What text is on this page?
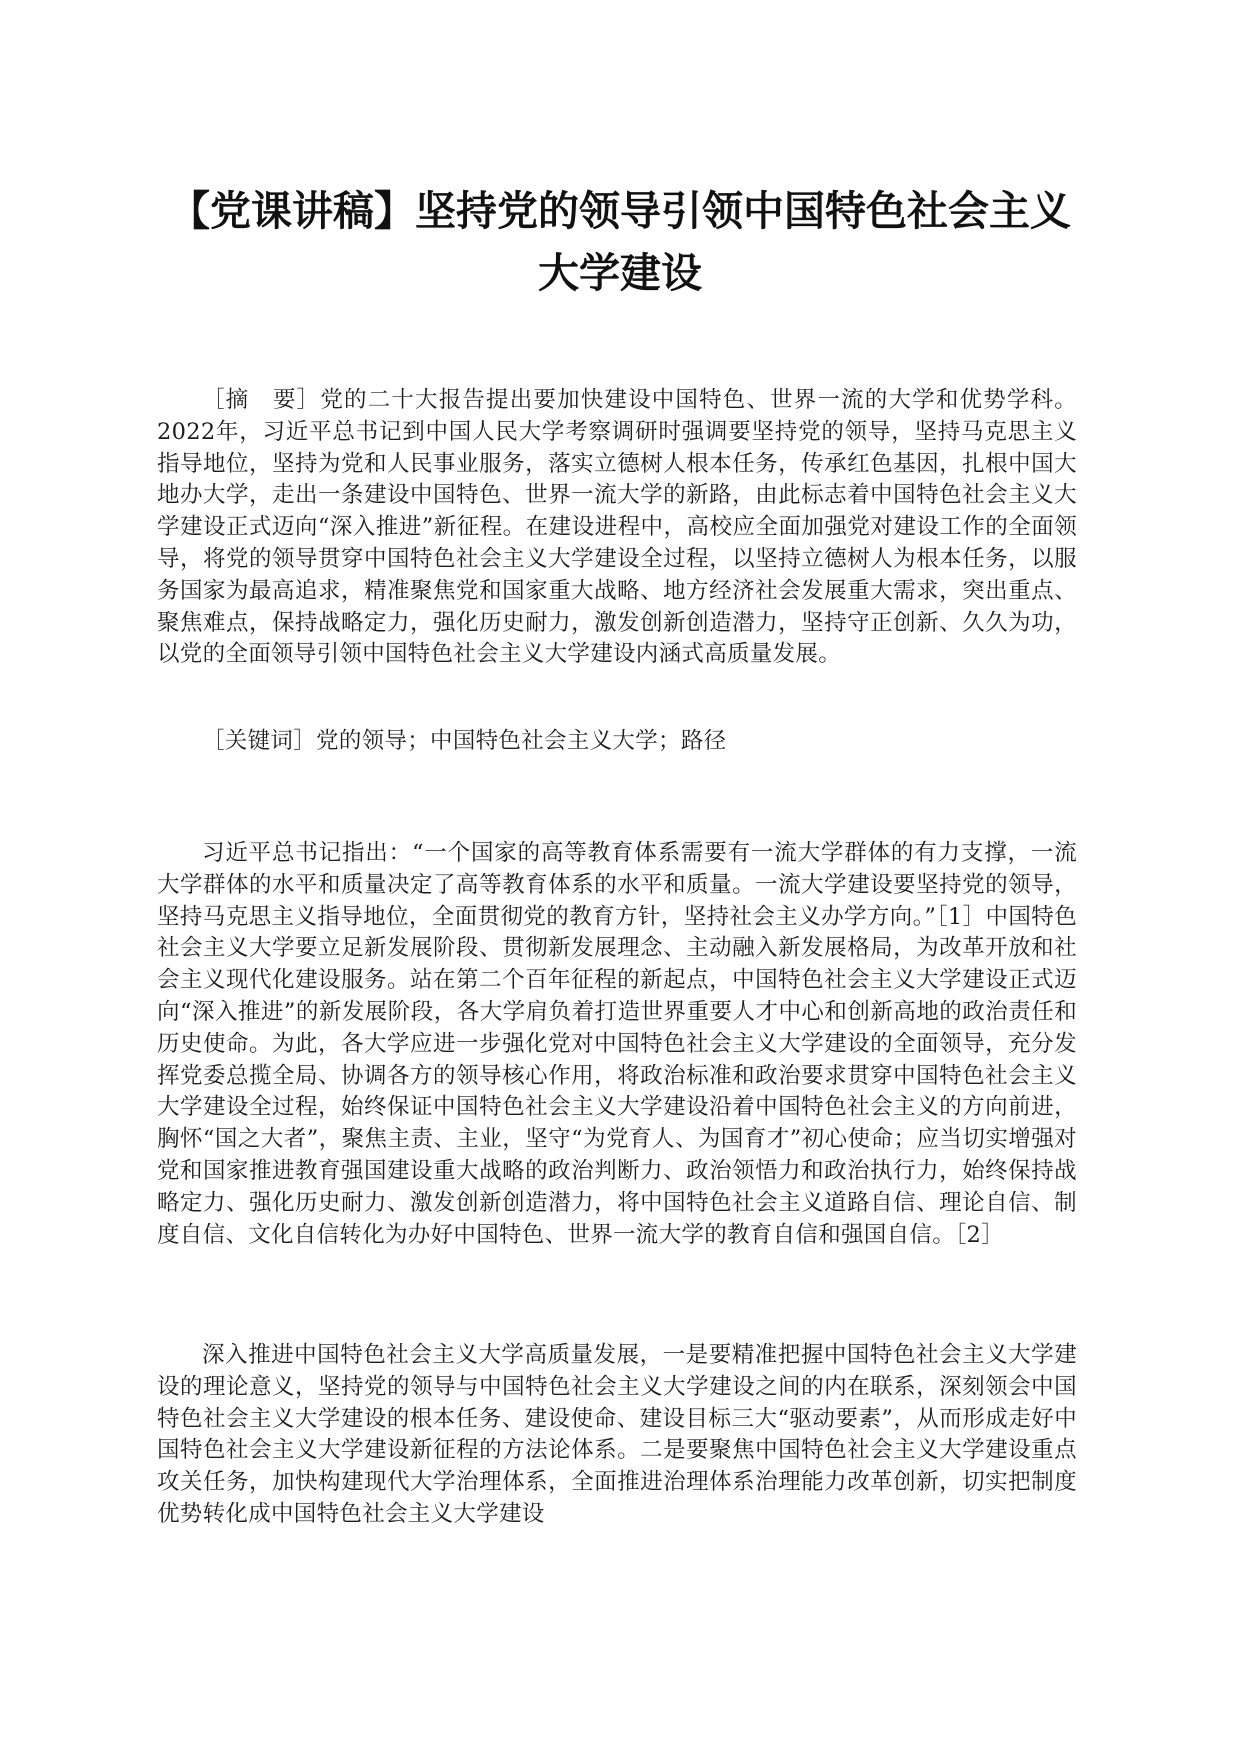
【党课讲稿】坚持党的领导引领中国特色社会主义大学建设

［摘　要］党的二十大报告提出要加快建设中国特色、世界一流的大学和优势学科。2022年，习近平总书记到中国人民大学考察调研时强调要坚持党的领导，坚持马克思主义指导地位，坚持为党和人民事业服务，落实立德树人根本任务，传承红色基因，扎根中国大地办大学，走出一条建设中国特色、世界一流大学的新路，由此标志着中国特色社会主义大学建设正式迈向“深入推进”新征程。在建设进程中，高校应全面加强党对建设工作的全面领导，将党的领导贯穿中国特色社会主义大学建设全过程，以坚持立德树人为根本任务，以服务国家为最高追求，精准聚焦党和国家重大战略、地方经济社会发展重大需求，突出重点、聚焦难点，保持战略定力，强化历史耐力，激发创新创造潜力，坚持守正创新、久久为功，以党的全面领导引领中国特色社会主义大学建设内涵式高质量发展。

［关键词］党的领导；中国特色社会主义大学；路径

习近平总书记指出：“一个国家的高等教育体系需要有一流大学群体的有力支撑，一流大学群体的水平和质量决定了高等教育体系的水平和质量。一流大学建设要坚持党的领导，坚持马克思主义指导地位，全面贯彻党的教育方针，坚持社会主义办学方向。”［1］中国特色社会主义大学要立足新发展阶段、贯彻新发展理念、主动融入新发展格局，为改革开放和社会主义现代化建设服务。站在第二个百年征程的新起点，中国特色社会主义大学建设正式迈向“深入推进”的新发展阶段，各大学肩负着打造世界重要人才中心和创新高地的政治责任和历史使命。为此，各大学应进一步强化党对中国特色社会主义大学建设的全面领导，充分发挥党委总揽全局、协调各方的领导核心作用，将政治标准和政治要求贯穿中国特色社会主义大学建设全过程，始终保证中国特色社会主义大学建设沿着中国特色社会主义的方向前进，胸怀“国之大者”，聚焦主责、主业，坚守“为党育人、为国育才”初心使命；应当切实增强对党和国家推进教育强国建设重大战略的政治判断力、政治领悟力和政治执行力，始终保持战略定力、强化历史耐力、激发创新创造潜力，将中国特色社会主义道路自信、理论自信、制度自信、文化自信转化为办好中国特色、世界一流大学的教育自信和强国自信。［2］

深入推进中国特色社会主义大学高质量发展，一是要精准把握中国特色社会主义大学建设的理论意义，坚持党的领导与中国特色社会主义大学建设之间的内在联系，深刻领会中国特色社会主义大学建设的根本任务、建设使命、建设目标三大“驱动要素”，从而形成走好中国特色社会主义大学建设新征程的方法论体系。二是要聚焦中国特色社会主义大学建设重点攻关任务，加快构建现代大学治理体系，全面推进治理体系治理能力改革创新，切实把制度优势转化成中国特色社会主义大学建设
